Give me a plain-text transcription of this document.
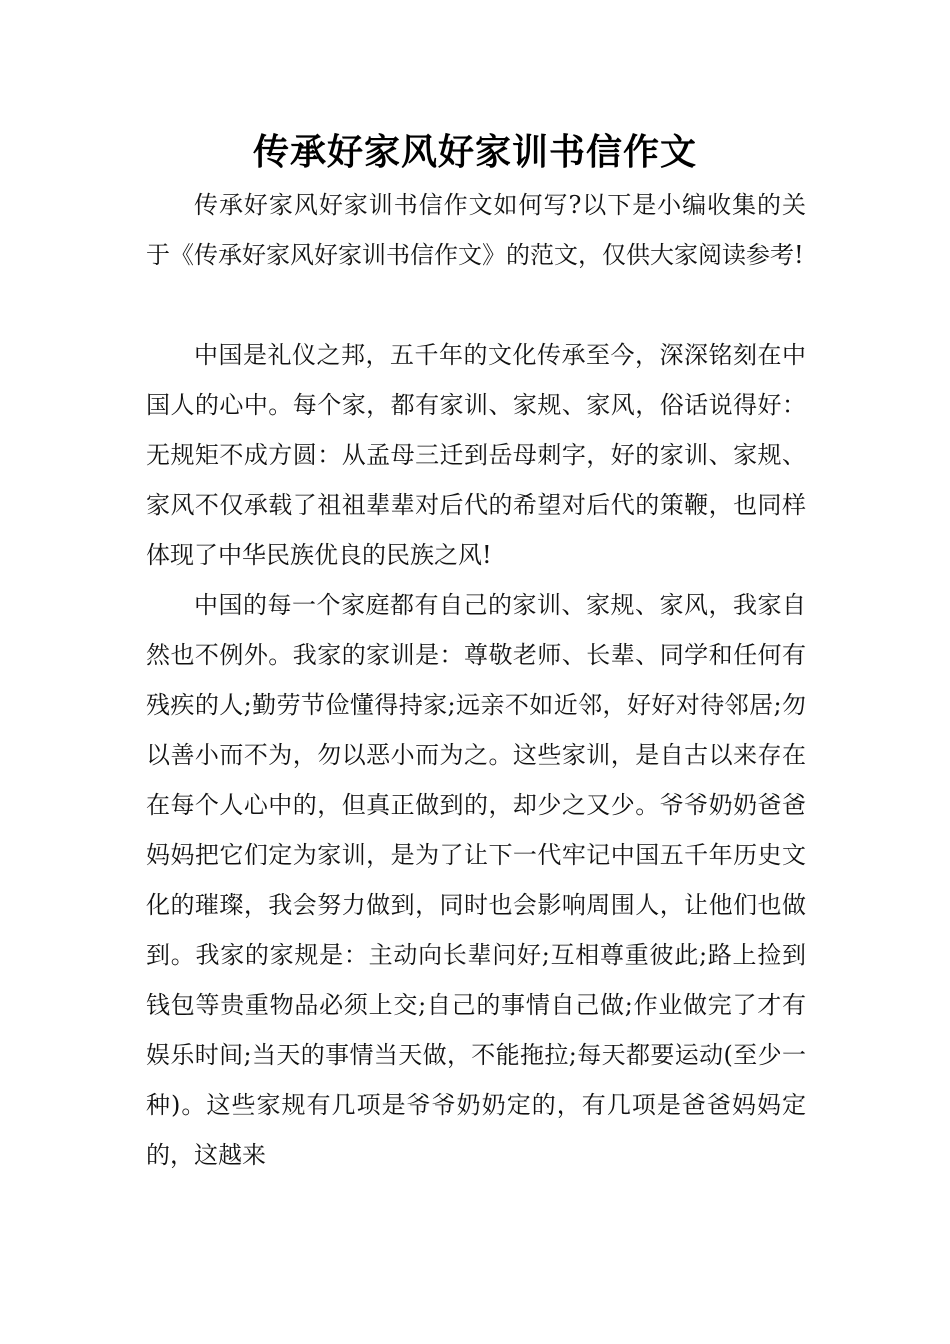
传承好家风好家训书信作文

传承好家风好家训书信作文如何写?以下是小编收集的关于《传承好家风好家训书信作文》的范文，仅供大家阅读参考!

中国是礼仪之邦，五千年的文化传承至今，深深铭刻在中国人的心中。每个家，都有家训、家规、家风，俗话说得好：无规矩不成方圆：从孟母三迁到岳母刺字，好的家训、家规、家风不仅承载了祖祖辈辈对后代的希望对后代的策鞭，也同样体现了中华民族优良的民族之风!

中国的每一个家庭都有自己的家训、家规、家风，我家自然也不例外。我家的家训是：尊敬老师、长辈、同学和任何有残疾的人;勤劳节俭懂得持家;远亲不如近邻，好好对待邻居;勿以善小而不为，勿以恶小而为之。这些家训，是自古以来存在在每个人心中的，但真正做到的，却少之又少。爷爷奶奶爸爸妈妈把它们定为家训，是为了让下一代牢记中国五千年历史文化的璀璨，我会努力做到，同时也会影响周围人，让他们也做到。我家的家规是：主动向长辈问好;互相尊重彼此;路上捡到钱包等贵重物品必须上交;自己的事情自己做;作业做完了才有娱乐时间;当天的事情当天做，不能拖拉;每天都要运动(至少一种)。这些家规有几项是爷爷奶奶定的，有几项是爸爸妈妈定的，这越来
